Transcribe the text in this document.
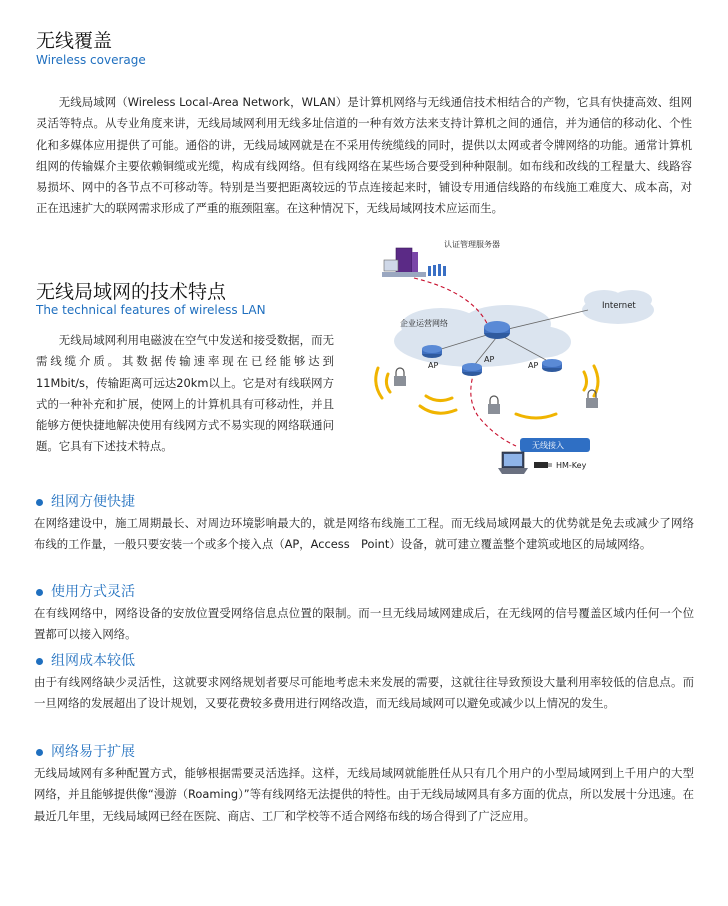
无线覆盖
Wireless coverage

无线局域网（Wireless Local-Area Network，WLAN）是计算机网络与无线通信技术相结合的产物，它具有快捷高效、组网灵活等特点。从专业角度来讲，无线局域网利用无线多址信道的一种有效方法来支持计算机之间的通信，并为通信的移动化、个性化和多媒体应用提供了可能。通俗的讲，无线局域网就是在不采用传统缆线的同时，提供以太网或者令牌网络的功能。通常计算机组网的传输媒介主要依赖铜缆或光缆，构成有线网络。但有线网络在某些场合要受到种种限制。如布线和改线的工程量大、线路容易损坏、网中的各节点不可移动等。特别是当要把距离较远的节点连接起来时，铺设专用通信线路的布线施工难度大、成本高，对正在迅速扩大的联网需求形成了严重的瓶颈阻塞。在这种情况下，无线局域网技术应运而生。

无线局域网的技术特点
The technical features of wireless LAN

无线局域网利用电磁波在空气中发送和接受数据，而无需线缆介质。其数据传输速率现在已经能够达到11Mbit/s，传输距离可远达20km以上。它是对有线联网方式的一种补充和扩展，使网上的计算机具有可移动性，并且能够方便快捷地解决使用有线网方式不易实现的网络联通问题。它具有下述技术特点。

认证管理服务器
企业运营网络
Internet
AP
AP
AP
无线接入
HM-Key
组网方便快捷

在网络建设中，施工周期最长、对周边环境影响最大的，就是网络布线施工工程。而无线局域网最大的优势就是免去或减少了网络布线的工作量，一般只要安装一个或多个接入点（AP，Access　Point）设备，就可建立覆盖整个建筑或地区的局域网络。

使用方式灵活

在有线网络中，网络设备的安放位置受网络信息点位置的限制。而一旦无线局域网建成后，在无线网的信号覆盖区域内任何一个位置都可以接入网络。

组网成本较低

由于有线网络缺少灵活性，这就要求网络规划者要尽可能地考虑未来发展的需要，这就往往导致预设大量利用率较低的信息点。而一旦网络的发展超出了设计规划，又要花费较多费用进行网络改造，而无线局域网可以避免或减少以上情况的发生。

网络易于扩展

无线局域网有多种配置方式，能够根据需要灵活选择。这样，无线局域网就能胜任从只有几个用户的小型局域网到上千用户的大型网络，并且能够提供像“漫游（Roaming）”等有线网络无法提供的特性。由于无线局域网具有多方面的优点，所以发展十分迅速。在最近几年里，无线局域网已经在医院、商店、工厂和学校等不适合网络布线的场合得到了广泛应用。
